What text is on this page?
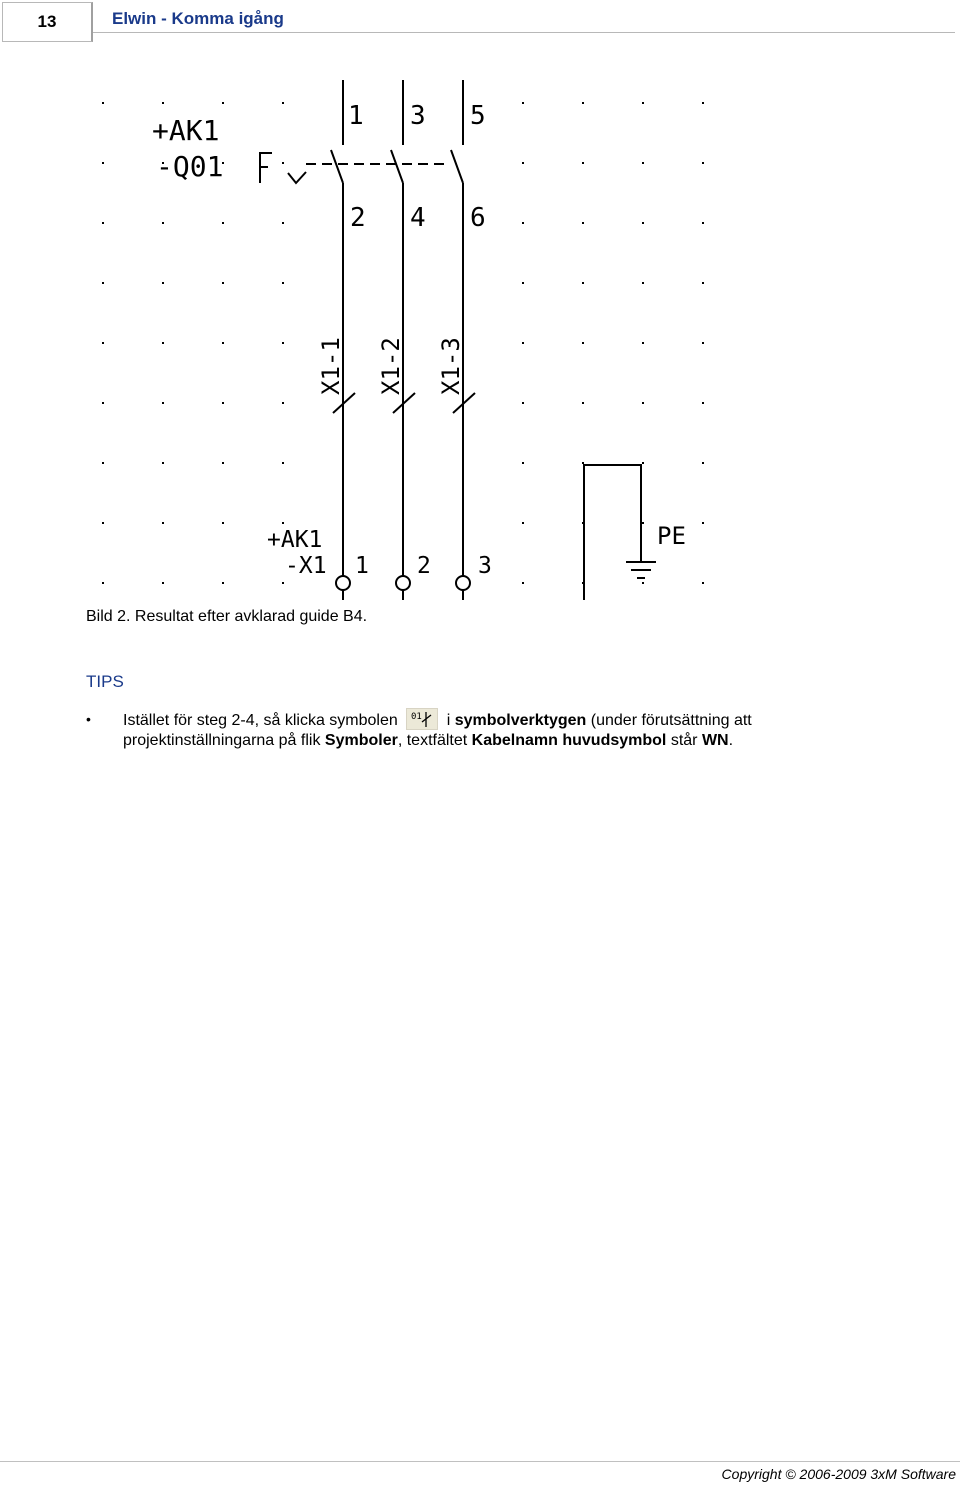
13	Elwin - Komma igång
+AK1
-Q01
1 3 5
2 4 6
X1-1 X1-2 X1-3
+AK1
-X1 1 2 3
PE
Bild 2. Resultat efter avklarad guide B4.
TIPS
• Istället för steg 2-4, så klicka symbolen 01 i symbolverktygen (under förutsättning att
projektinställningarna på flik Symboler, textfältet Kabelnamn huvudsymbol står WN.
Copyright © 2006-2009 3xM Software
